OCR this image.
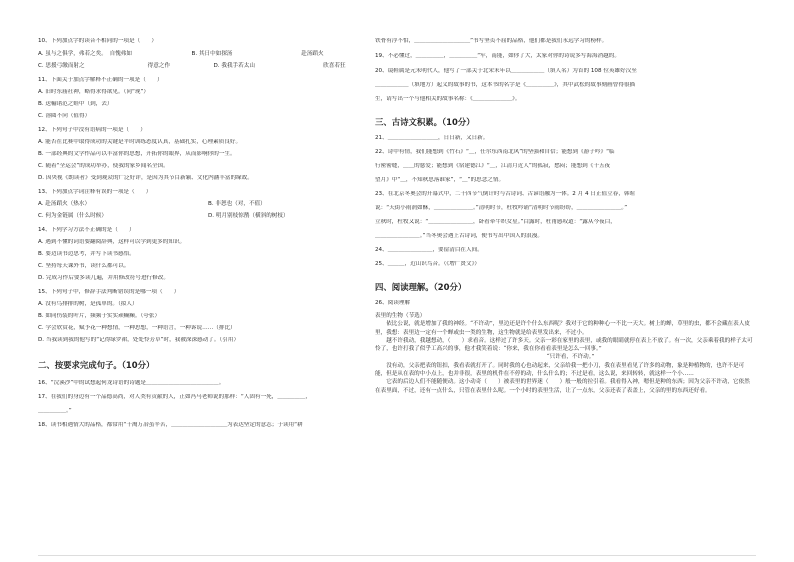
10、下列加点字的读音不相同的一项是（　　）
A. 虽与之俱学，弗若之矣。　自愧弗如	B. 其日中如探汤	赴汤蹈火
C. 思援弓缴而射之	得意之作	D. 我我手若太山	欣喜若狂
11、下面关于加点字解释不正确的一项是（　　）
A. 旧时东庙社神，略得求得欲见。（同“现”）
B. 送輸诸范之蛙中（到，去）
C. 溶圆不向（值得）
12、下列句子中没有语病的一项是（　　）
A. 能否在比赛中取得成功的关键是平时训练态度认真，基础扎实，心理素质良好。
B. 一部经典的文学作品可以丰富你的思想，开拓你的眼界，从而影响你的一生。
C. 随着“全运会”的成功举办，使我的家乡闻名全国。
D. 因央视《朗读者》受到观众的广泛好评，是因为其节目新颖、文化内涵丰富的缘故。
13、下列加点字词注释有误的一项是（　　）
A. 赴汤蹈火（热水）	B. 非恕也（对，不值）
C. 何为金链属（什么时候）	D. 明月别枝惊鹊（横斜的树枝）
14、下列学习方法不正确的是（　　）
A. 遇到不懂的词语要翻阅辞典，这样可以学到更多的知识。
B. 要边读书边思考，并写下读书感悟。
C. 坚持每天课外书，读什么都可以。
D. 完成习作后要多读几遍，并用修改符号进行修改。
15、下列句子中，修辞手法判断错误的是哪一项（　　）
A. 没有鸟排排的树，是孤单的。（拟人）
B. 如同伤装的叶片，频频于实实顽癫癫。（夸张）
C. 学会欣赏花，赋予花一种想情，一种思想，一种语言，一种诉说……（排比）
D. 当我读到我的他写的“记得绿罗裙，处处怜芳草”时，我被深深感动了。（引用）
二、按要求完成句子。（10分）
16、“浣溪沙”中的试想起何龙诗语的诗题是＿＿＿＿＿＿＿＿＿＿＿＿＿。
17、在我们的身边有一个品德高尚，对人类有贡献的人，正如冯马老师说的那样：“人固有一死，＿＿＿＿＿，
＿＿＿＿＿。”
18、读书相遇情大的品格，都常用“千淘万冶虽辛苦，＿＿＿＿＿＿＿＿＿＿为表达坚定的意志；于读用“耕
铁骨有浮不怕，＿＿＿＿＿＿＿＿＿＿”书写坚贞不屈的品格，他们都是我们永远学习的榜样。
19、不必懂过，＿＿＿＿＿，＿＿＿＿＿“牢，南能，如你了大，太家对你的诗说多写海海消越的。
20、镜鞋属是元末明代人，他写了一部关于北宋末年以＿＿＿＿＿＿（填人名）为首的 108 位英雄好汉至
＿＿＿＿＿＿（填地方）起义的故事的书，这本书的名字是《＿＿＿＿＿》，其中武松的故事刻画曾得很描
生，请写出一个与他相关的故事名称：《＿＿＿＿＿＿＿》。
三、古诗文积累。（10分）
21、＿＿＿＿＿＿＿＿＿，日日新，又日新。
22、诗中有情，我们能想到《竹石》“＿，任尔东西南北风”的坚强和自信；能想到《游子吟》“临
行密密缝，＿＿的慈爱；能想到《宿建德江》“＿，江清月近人”的孤寂，愁闷；能想到《十五夜
望月》中“＿，不知秋思落谁家”，“＿”的思念之情。
23、在北京冬奥会的开幕式中，二十四节气倒计时与古诗词、古谚语融为一体。2 月 4 日正值立春，韩暄
说：“天街小雨润如酥，＿＿＿＿＿＿＿。”清明时节，杜牧吟诵“清明时节雨纷纷，＿＿＿＿＿＿＿＿。”
立秋时，杜牧又说：“＿＿＿＿＿＿＿＿，卧看牵牛织女星。”白露时，杜甫感叹道：“露从今夜白，
＿＿＿＿＿＿＿＿。”当冬奥会遇上古诗词，便书写出中国人的浪漫。
24、＿＿＿＿＿＿＿＿，要留清白在人间。
25、＿＿＿，近山识鸟音。（《增广贤文》）
四、阅读理解。（20分）
26、阅读理解

表里的生物（节选）

　　依比公说，就是增加了我的神经。“不许动”，里边还是许个什么东西呢？我对于它的种种心一不比一天大。树上的蝉，草里的虫，都不会藏在表人皮里，我想：表里边一定有一个蝉或虫一类的生物，这生物就是给表里发出来，不过小。

　　越不许我动，我越想动，（　　）求看音。这样过了许多天。父亲一彩在家里的表里，或我的眼睛就停在表上不放了。有一次，父亲乘着我的样子太可怜了，也许打我了似乎工高兴的事，他才我笑着说：“你来，我在你看看表里是怎么一回事。”

　　“只许看，不许动。”

　　没有动，父亲把表的钮扣，我看表就打开了。同时我的心也动起来，父亲给我一把小刀，我在表里看见了许多的动物，象是种植物的，也许不是可能，但是从在表的中小点上，也并非很，表里的机件在不停的动，什么什么的；不过是看，这么说，来回转转，就这样一个小……

　　它表的后边人们不能随便动。这小动奇（　　）被表里的世界迷（　　）般一般的拉引着。我看得入神，嗯但是种的东西；因为父亲不许动，它依然在表里面，不过，还有一点什么，只管在表里什么呢。一个小时的表里生活，让了一点东，父亲还表了表盖上，父亲的里的东西还好看。
